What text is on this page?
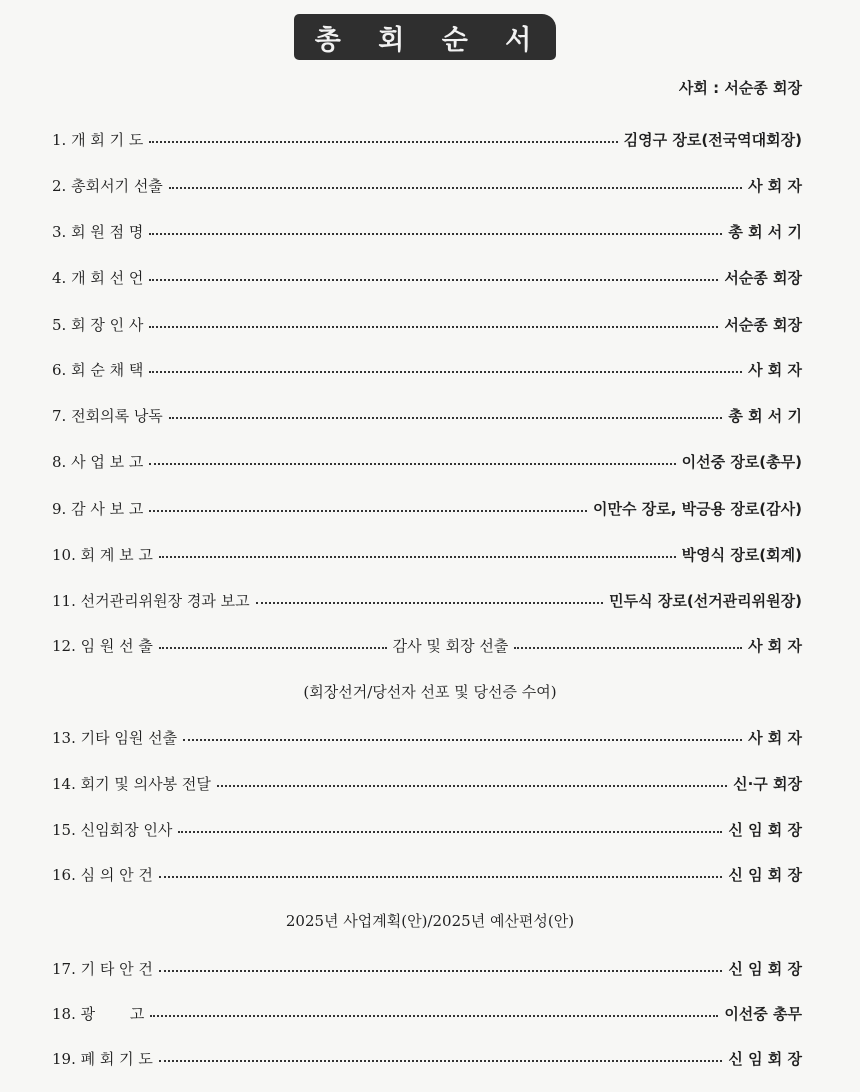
총 회 순 서
사회 : 서순종 회장
1.
개 회 기 도	김영구 장로(전국역대회장)
2.
총회서기 선출	사 회 자
3.
회 원 점 명	총 회 서 기
4.
개 회 선 언	서순종 회장
5.
회 장 인 사	서순종 회장
6.
회 순 채 택	사 회 자
7.
전회의록 낭독	총 회 서 기
8.
사 업 보 고	이선중 장로(총무)
9.
감 사 보 고	이만수 장로, 박긍용 장로(감사)
10.
회 계 보 고	박영식 장로(회계)
11.
선거관리위원장 경과 보고	민두식 장로(선거관리위원장)
12.
임 원 선 출	감사 및 회장 선출	사 회 자
(회장선거/당선자 선포 및 당선증 수여)
13.
기타 임원 선출	사 회 자
14.
회기 및 의사봉 전달	신·구 회장
15.
신임회장 인사	신 임 회 장
16.
심 의 안 건	신 임 회 장
2025년 사업계획(안)/2025년 예산편성(안)
17.
기 타 안 건	신 임 회 장
18.
광　　 고	이선중 총무
19.
폐 회 기 도	신 임 회 장
